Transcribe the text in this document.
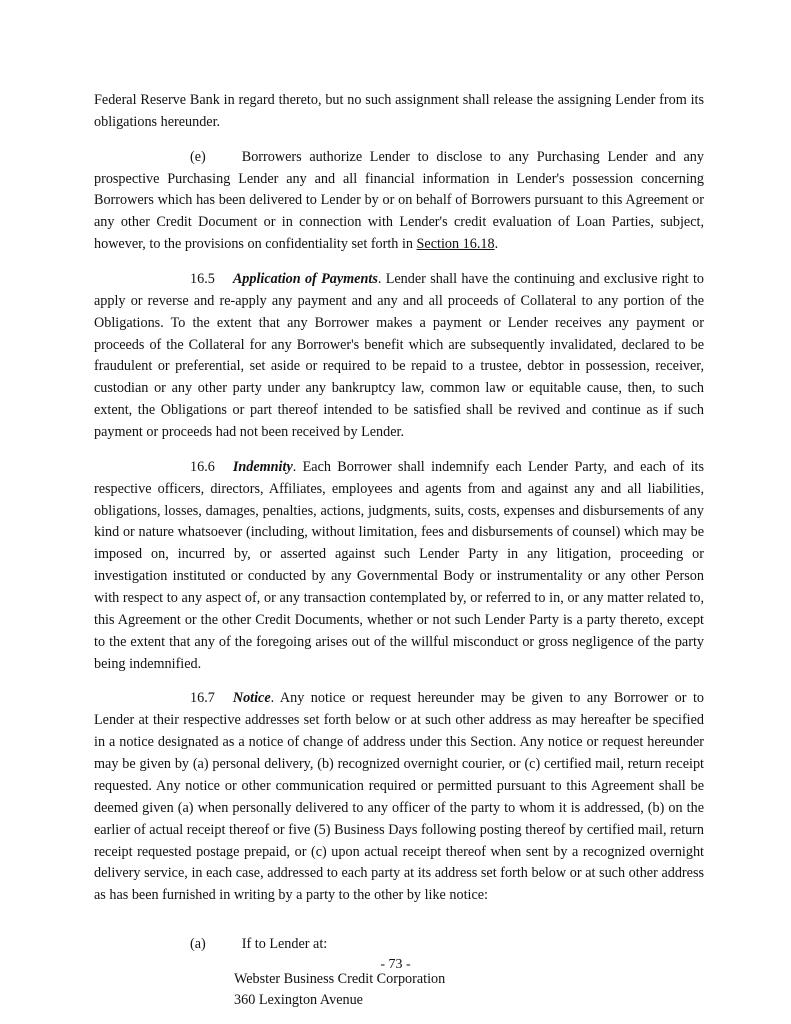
Federal Reserve Bank in regard thereto, but no such assignment shall release the assigning Lender from its obligations hereunder.

(e)	Borrowers authorize Lender to disclose to any Purchasing Lender and any prospective Purchasing Lender any and all financial information in Lender's possession concerning Borrowers which has been delivered to Lender by or on behalf of Borrowers pursuant to this Agreement or any other Credit Document or in connection with Lender's credit evaluation of Loan Parties, subject, however, to the provisions on confidentiality set forth in Section 16.18.

16.5 Application of Payments. Lender shall have the continuing and exclusive right to apply or reverse and re-apply any payment and any and all proceeds of Collateral to any portion of the Obligations. To the extent that any Borrower makes a payment or Lender receives any payment or proceeds of the Collateral for any Borrower's benefit which are subsequently invalidated, declared to be fraudulent or preferential, set aside or required to be repaid to a trustee, debtor in possession, receiver, custodian or any other party under any bankruptcy law, common law or equitable cause, then, to such extent, the Obligations or part thereof intended to be satisfied shall be revived and continue as if such payment or proceeds had not been received by Lender.

16.6 Indemnity. Each Borrower shall indemnify each Lender Party, and each of its respective officers, directors, Affiliates, employees and agents from and against any and all liabilities, obligations, losses, damages, penalties, actions, judgments, suits, costs, expenses and disbursements of any kind or nature whatsoever (including, without limitation, fees and disbursements of counsel) which may be imposed on, incurred by, or asserted against such Lender Party in any litigation, proceeding or investigation instituted or conducted by any Governmental Body or instrumentality or any other Person with respect to any aspect of, or any transaction contemplated by, or referred to in, or any matter related to, this Agreement or the other Credit Documents, whether or not such Lender Party is a party thereto, except to the extent that any of the foregoing arises out of the willful misconduct or gross negligence of the party being indemnified.

16.7 Notice. Any notice or request hereunder may be given to any Borrower or to Lender at their respective addresses set forth below or at such other address as may hereafter be specified in a notice designated as a notice of change of address under this Section. Any notice or request hereunder may be given by (a) personal delivery, (b) recognized overnight courier, or (c) certified mail, return receipt requested. Any notice or other communication required or permitted pursuant to this Agreement shall be deemed given (a) when personally delivered to any officer of the party to whom it is addressed, (b) on the earlier of actual receipt thereof or five (5) Business Days following posting thereof by certified mail, return receipt requested postage prepaid, or (c) upon actual receipt thereof when sent by a recognized overnight delivery service, in each case, addressed to each party at its address set forth below or at such other address as has been furnished in writing by a party to the other by like notice:

(a)	If to Lender at:

Webster Business Credit Corporation
360 Lexington Avenue

- 73 -
